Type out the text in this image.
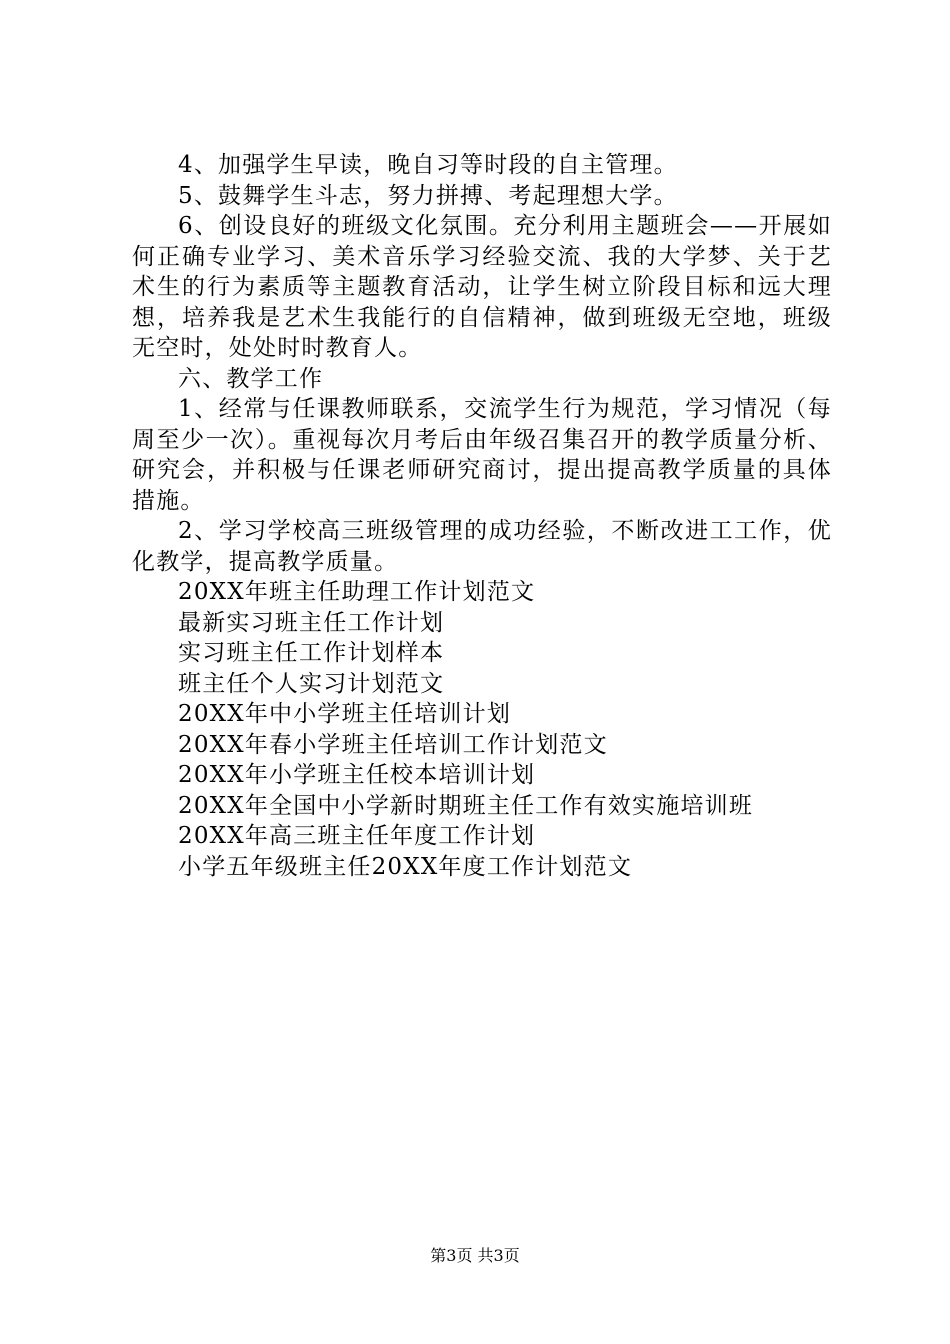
4、加强学生早读，晚自习等时段的自主管理。

5、鼓舞学生斗志，努力拼搏、考起理想大学。

6、创设良好的班级文化氛围。充分利用主题班会——开展如何正确专业学习、美术音乐学习经验交流、我的大学梦、关于艺术生的行为素质等主题教育活动，让学生树立阶段目标和远大理想，培养我是艺术生我能行的自信精神，做到班级无空地，班级无空时，处处时时教育人。

六、教学工作

1、经常与任课教师联系，交流学生行为规范，学习情况（每周至少一次）。重视每次月考后由年级召集召开的教学质量分析、研究会，并积极与任课老师研究商讨，提出提高教学质量的具体措施。

2、学习学校高三班级管理的成功经验，不断改进工工作，优化教学，提高教学质量。

20XX年班主任助理工作计划范文
最新实习班主任工作计划
实习班主任工作计划样本
班主任个人实习计划范文
20XX年中小学班主任培训计划
20XX年春小学班主任培训工作计划范文
20XX年小学班主任校本培训计划
20XX年全国中小学新时期班主任工作有效实施培训班
20XX年高三班主任年度工作计划
小学五年级班主任20XX年度工作计划范文
第3页 共3页
